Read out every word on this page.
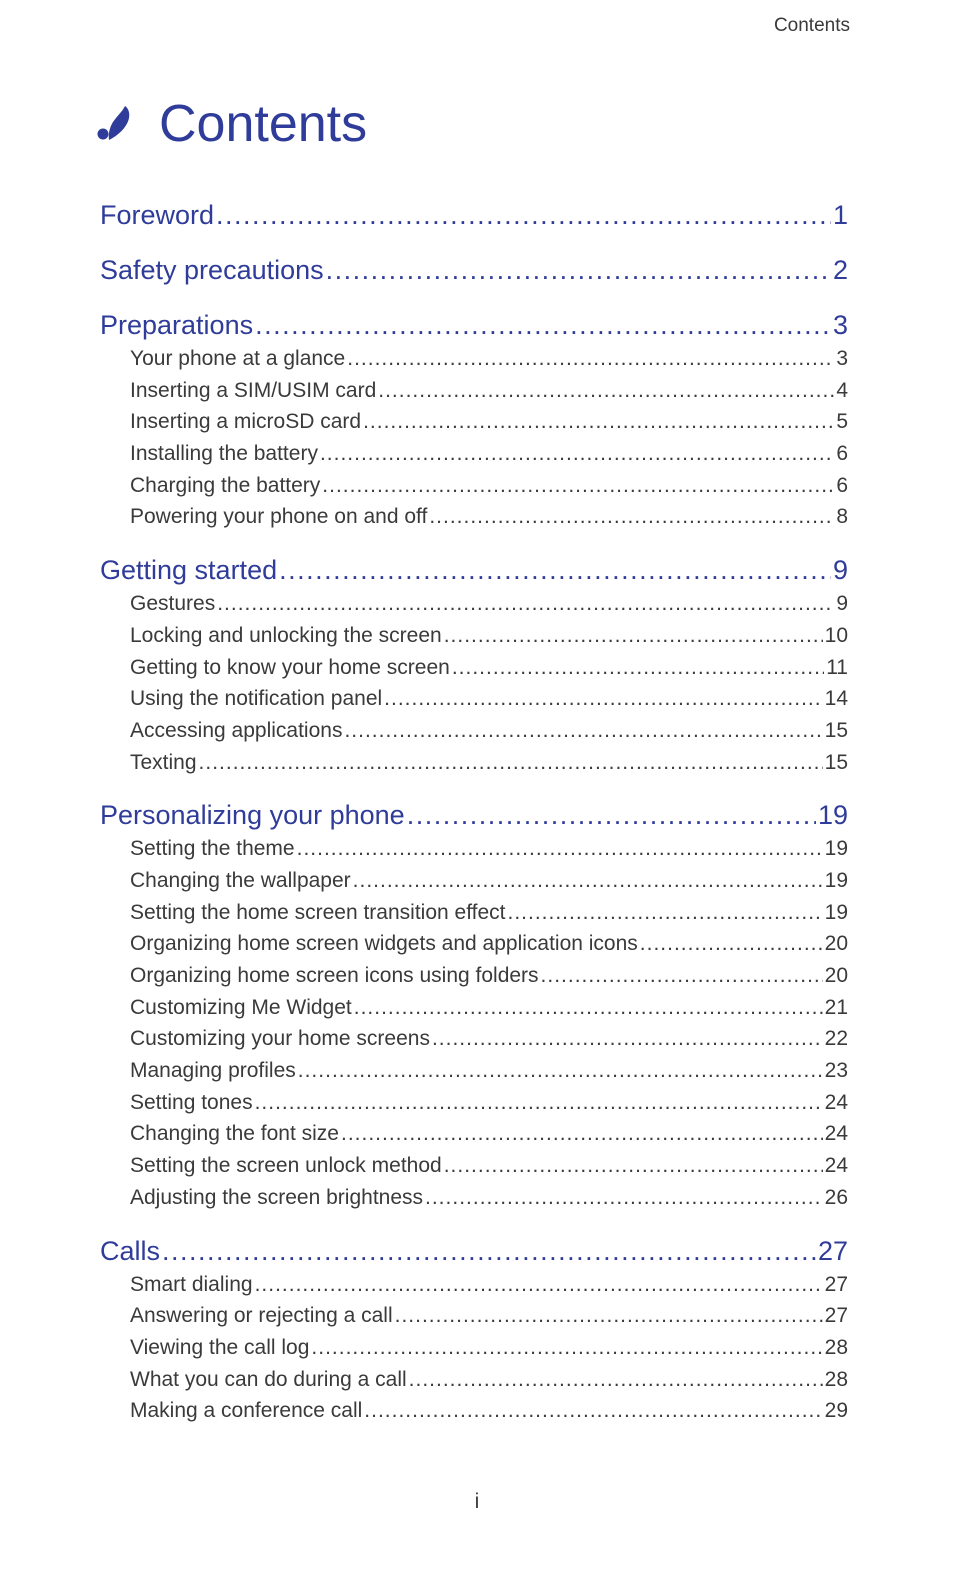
Contents
Contents
Foreword .....	1
Safety precautions .....	2
Preparations .....	3
Your phone at a glance .....	3
Inserting a SIM/USIM card .....	4
Inserting a microSD card .....	5
Installing the battery .....	6
Charging the battery .....	6
Powering your phone on and off .....	8
Getting started .....	9
Gestures .....	9
Locking and unlocking the screen .....	10
Getting to know your home screen .....	11
Using the notification panel .....	14
Accessing applications .....	15
Texting .....	15
Personalizing your phone .....	19
Setting the theme .....	19
Changing the wallpaper .....	19
Setting the home screen transition effect .....	19
Organizing home screen widgets and application icons .....	20
Organizing home screen icons using folders .....	20
Customizing Me Widget .....	21
Customizing your home screens .....	22
Managing profiles .....	23
Setting tones .....	24
Changing the font size .....	24
Setting the screen unlock method .....	24
Adjusting the screen brightness .....	26
Calls .....	27
Smart dialing .....	27
Answering or rejecting a call .....	27
Viewing the call log .....	28
What you can do during a call .....	28
Making a conference call .....	29
i
